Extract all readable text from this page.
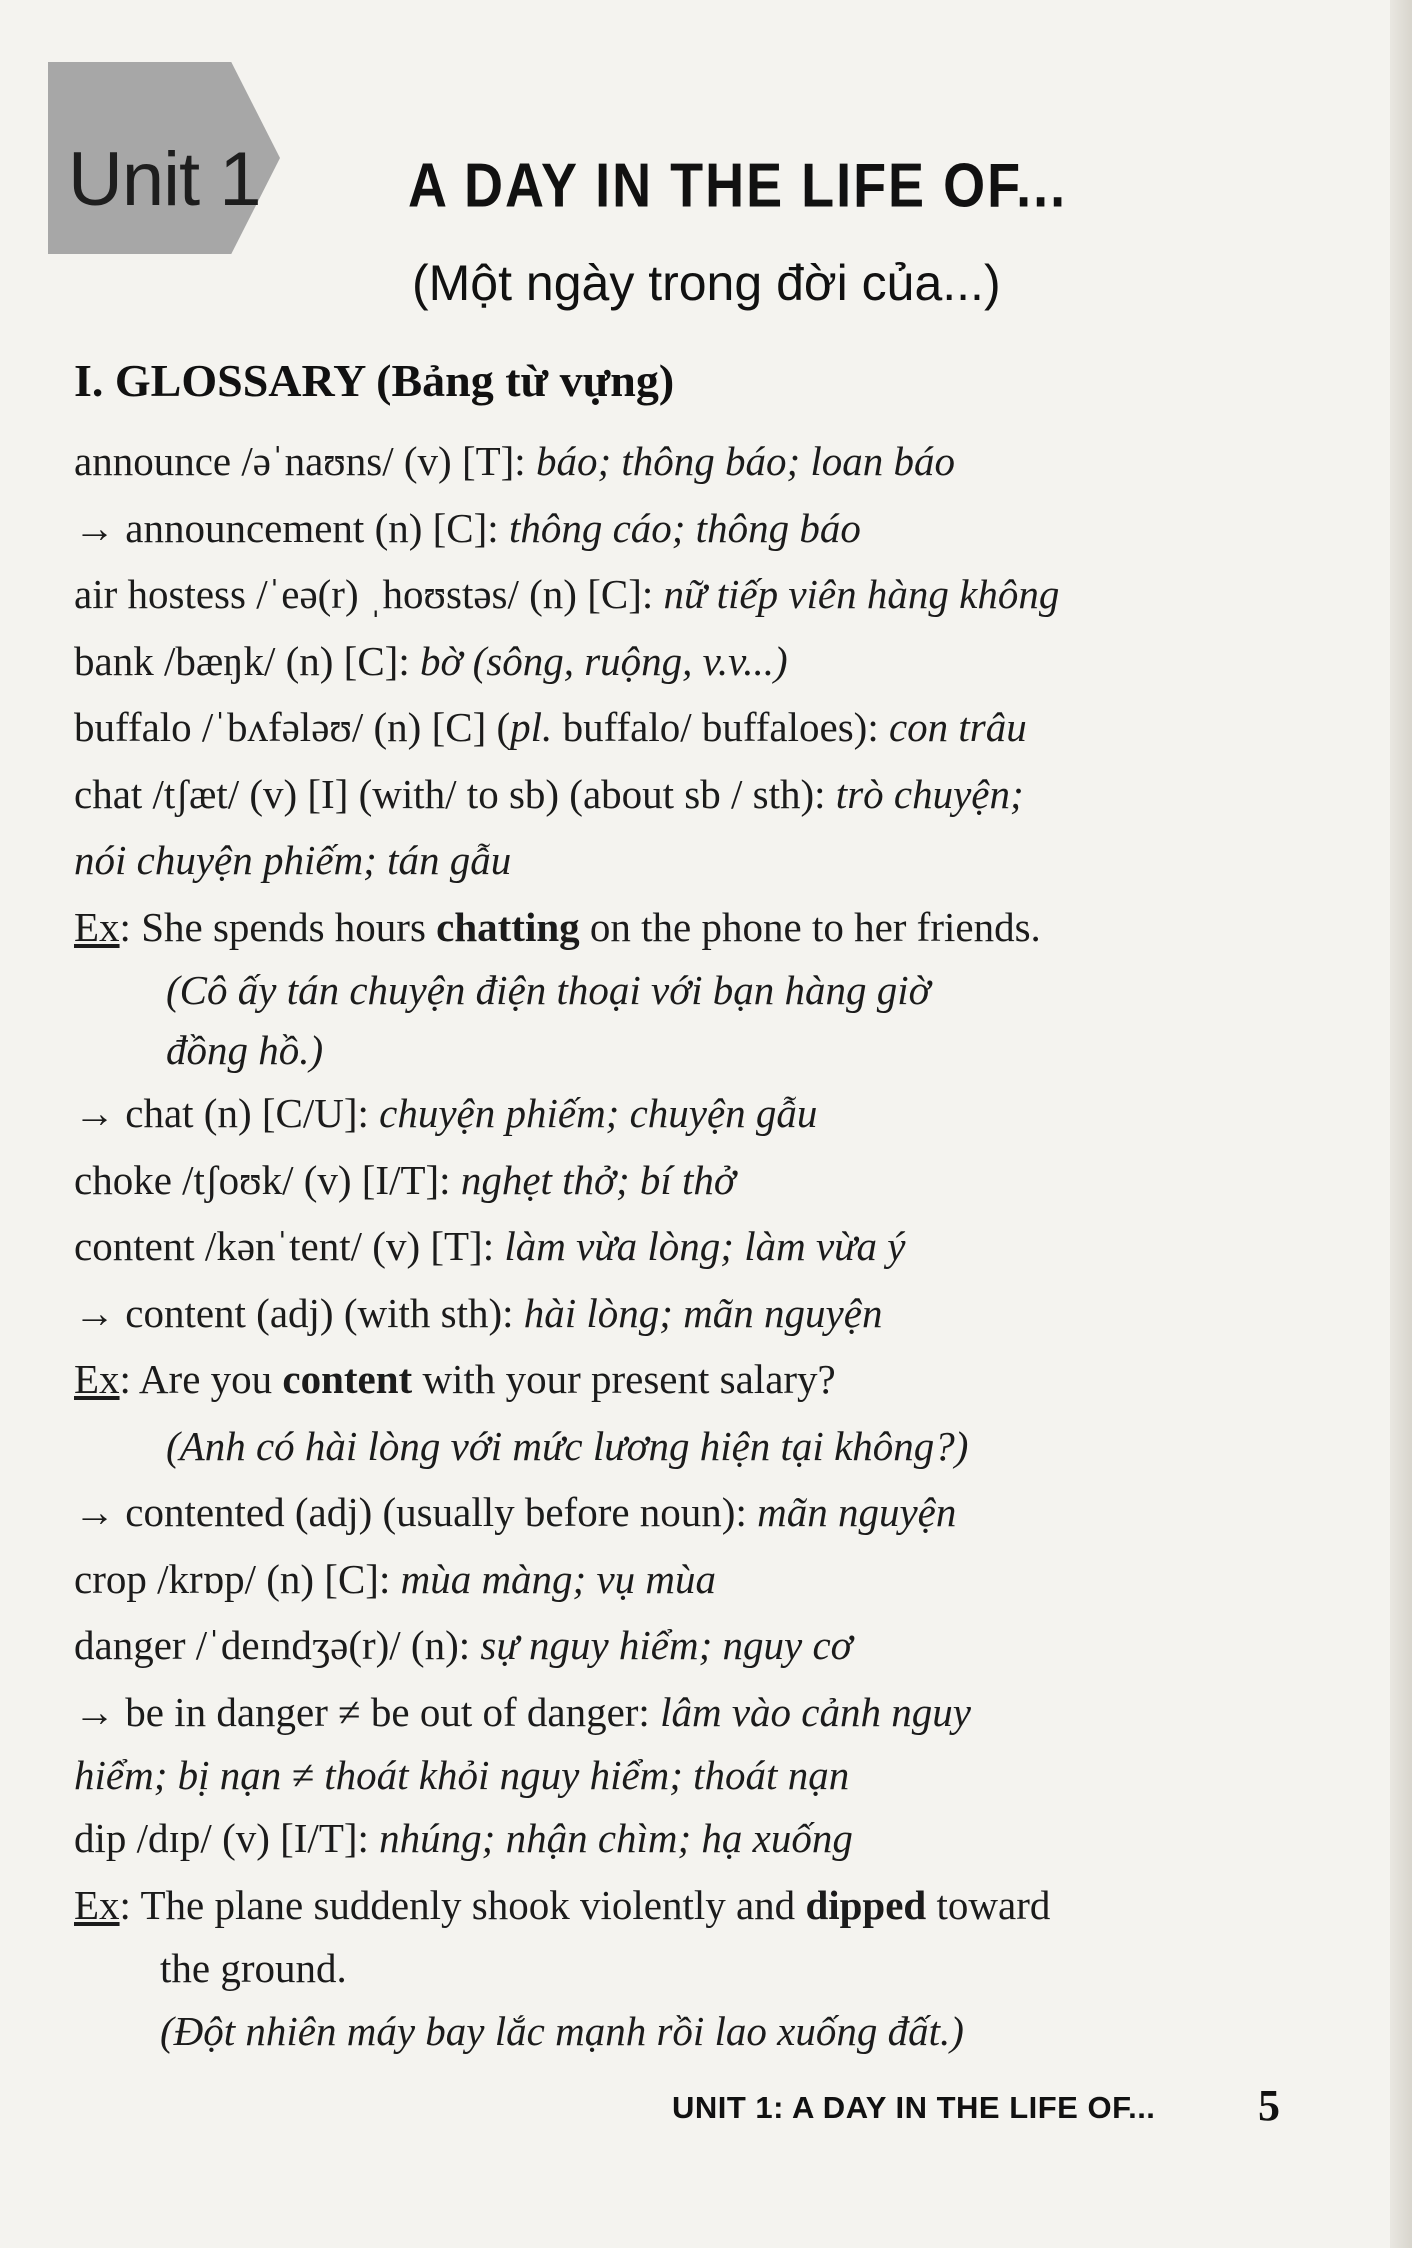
Unit 1	A DAY IN THE LIFE OF...
(Một ngày trong đời của...)
I. GLOSSARY (Bảng từ vựng)
announce /əˈnaʊns/ (v) [T]: báo; thông báo; loan báo
→ announcement (n) [C]: thông cáo; thông báo
air hostess /ˈeə(r) ˌhoʊstəs/ (n) [C]: nữ tiếp viên hàng không
bank /bæŋk/ (n) [C]: bờ (sông, ruộng, v.v...)
buffalo /ˈbʌfələʊ/ (n) [C] (pl. buffalo/ buffaloes): con trâu
chat /tʃæt/ (v) [I] (with/ to sb) (about sb / sth): trò chuyện;
nói chuyện phiếm; tán gẫu
Ex: She spends hours chatting on the phone to her friends.
(Cô ấy tán chuyện điện thoại với bạn hàng giờ
đồng hồ.)
→ chat (n) [C/U]: chuyện phiếm; chuyện gẫu
choke /tʃoʊk/ (v) [I/T]: nghẹt thở; bí thở
content /kənˈtent/ (v) [T]: làm vừa lòng; làm vừa ý
→ content (adj) (with sth): hài lòng; mãn nguyện
Ex: Are you content with your present salary?
(Anh có hài lòng với mức lương hiện tại không?)
→ contented (adj) (usually before noun): mãn nguyện
crop /krɒp/ (n) [C]: mùa màng; vụ mùa
danger /ˈdeɪndʒə(r)/ (n): sự nguy hiểm; nguy cơ
→ be in danger ≠ be out of danger: lâm vào cảnh nguy
hiểm; bị nạn ≠ thoát khỏi nguy hiểm; thoát nạn
dip /dɪp/ (v) [I/T]: nhúng; nhận chìm; hạ xuống
Ex: The plane suddenly shook violently and dipped toward
the ground.
(Đột nhiên máy bay lắc mạnh rồi lao xuống đất.)
UNIT 1: A DAY IN THE LIFE OF... 5
